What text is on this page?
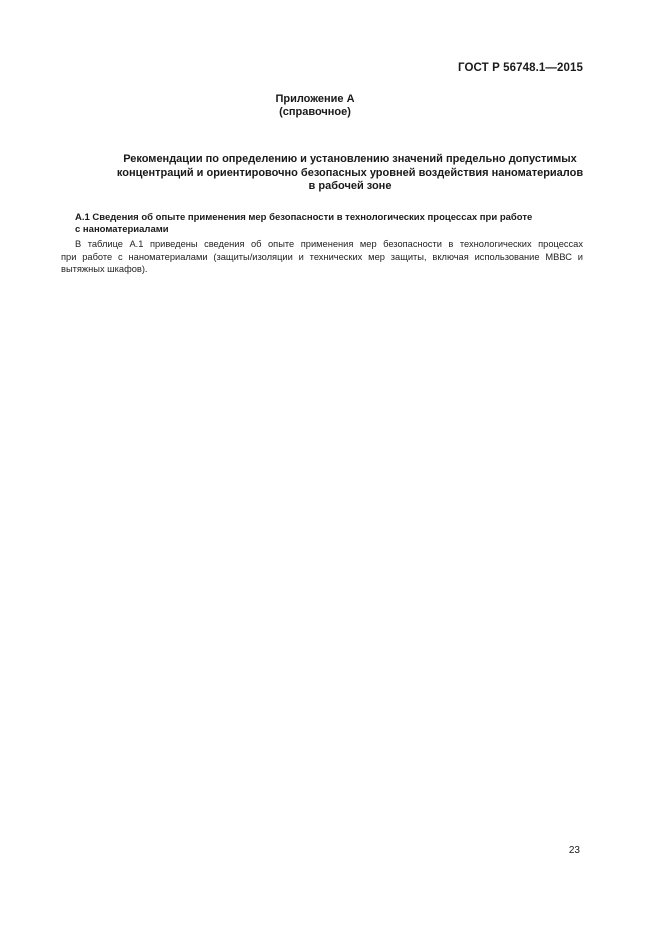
ГОСТ Р 56748.1—2015
Приложение А
(справочное)
Рекомендации по определению и установлению значений предельно допустимых
концентраций и ориентировочно безопасных уровней воздействия наноматериалов
в рабочей зоне
А.1 Сведения об опыте применения мер безопасности в технологических процессах при работе
с наноматериалами
В таблице А.1 приведены сведения об опыте применения мер безопасности в технологических процессах
при работе с наноматериалами (защиты/изоляции и технических мер защиты, включая использование МВВС и
вытяжных шкафов).
23
